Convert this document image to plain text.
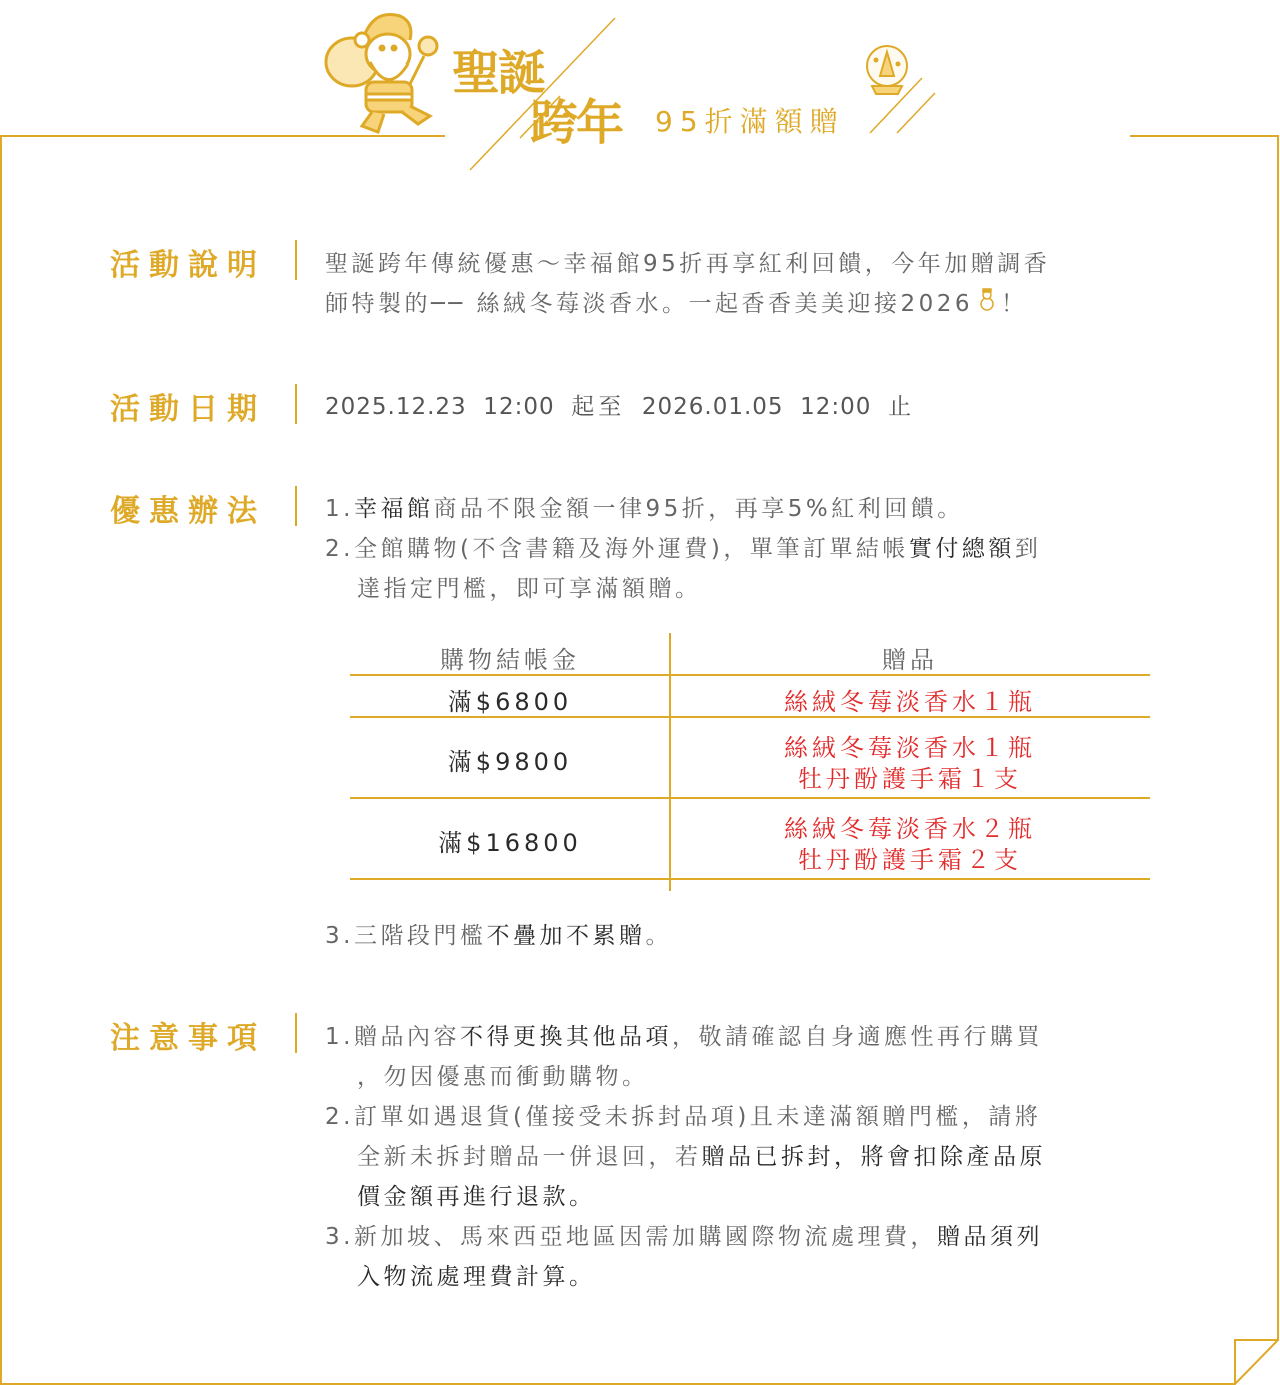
聖誕
跨年 95折滿額贈
活動說明	聖誕跨年傳統優惠～幸福館95折再享紅利回饋，今年加贈調香
師特製的── 絲絨冬莓淡香水。一起香香美美迎接2026 ！
活動日期	2025.12.23  12:00 起至 2026.01.05  12:00 止
優惠辦法	1.幸福館商品不限金額一律95折，再享5%紅利回饋。
2.全館購物(不含書籍及海外運費)，單筆訂單結帳實付總額到
達指定門檻，即可享滿額贈。
購物結帳金	贈品
滿$6800	絲絨冬莓淡香水１瓶
滿$9800	絲絨冬莓淡香水１瓶
牡丹酚護手霜１支
滿$16800	絲絨冬莓淡香水２瓶
牡丹酚護手霜２支
3.三階段門檻不疊加不累贈。
注意事項	1.贈品內容不得更換其他品項，敬請確認自身適應性再行購買
，勿因優惠而衝動購物。
2.訂單如遇退貨(僅接受未拆封品項)且未達滿額贈門檻，請將
全新未拆封贈品一併退回，若贈品已拆封，將會扣除產品原
價金額再進行退款。
3.新加坡、馬來西亞地區因需加購國際物流處理費，贈品須列
入物流處理費計算。
